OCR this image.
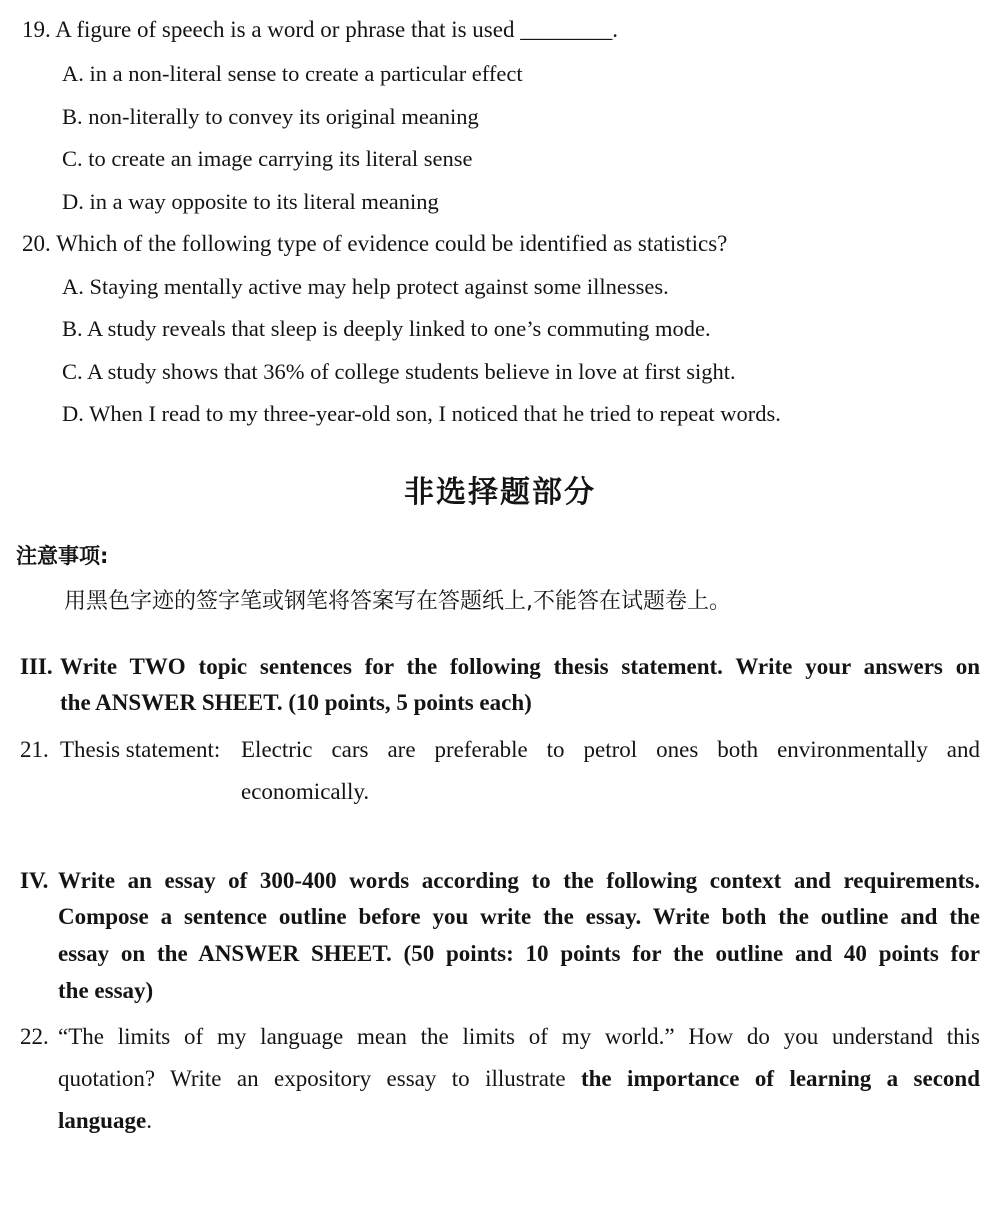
19. A figure of speech is a word or phrase that is used ________.
A. in a non-literal sense to create a particular effect
B. non-literally to convey its original meaning
C. to create an image carrying its literal sense
D. in a way opposite to its literal meaning
20. Which of the following type of evidence could be identified as statistics?
A. Staying mentally active may help protect against some illnesses.
B. A study reveals that sleep is deeply linked to one’s commuting mode.
C. A study shows that 36% of college students believe in love at first sight.
D. When I read to my three-year-old son, I noticed that he tried to repeat words.
非选择题部分
注意事项:
用黑色字迹的签字笔或钢笔将答案写在答题纸上,不能答在试题卷上。
III. Write TWO topic sentences for the following thesis statement. Write your answers on
the ANSWER SHEET. (10 points, 5 points each)
21. Thesis statement: Electric cars are preferable to petrol ones both environmentally and
economically.
IV. Write an essay of 300-400 words according to the following context and requirements.
Compose a sentence outline before you write the essay. Write both the outline and the
essay on the ANSWER SHEET. (50 points: 10 points for the outline and 40 points for
the essay)
22. “The limits of my language mean the limits of my world.” How do you understand this
quotation? Write an expository essay to illustrate the importance of learning a second
language.
